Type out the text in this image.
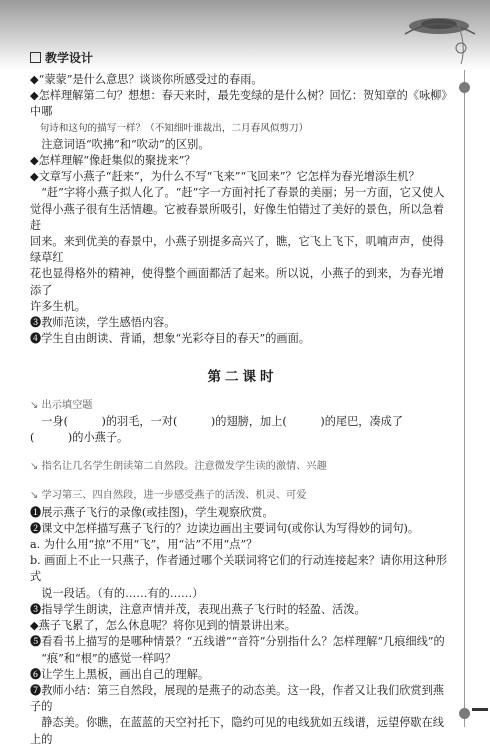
教学设计

◆“蒙蒙”是什么意思？谈谈你所感受过的春雨。

◆怎样理解第二句？想想：春天来时，最先变绿的是什么树？回忆：贺知章的《咏柳》中哪

句诗和这句的描写一样？（不知细叶谁裁出，二月春风似剪刀）

注意词语“吹拂”和“吹动”的区别。

◆怎样理解“像赶集似的聚拢来”？

◆文章写小燕子“赶来”，为什么不写“飞来”“飞回来”？它怎样为春光增添生机？

“赶”字将小燕子拟人化了。“赶”字一方面衬托了春景的美丽；另一方面，它又使人

觉得小燕子很有生活情趣。它被春景所吸引，好像生怕错过了美好的景色，所以急着赶

回来。来到优美的春景中，小燕子别提多高兴了，瞧，它飞上飞下，叽喃声声，使得绿草红

花也显得格外的精神，使得整个画面都活了起来。所以说，小燕子的到来，为春光增添了

许多生机。

❸教师范读，学生感悟内容。

❹学生自由朗读、背诵，想象“光彩夺目的春天”的画面。

第二课时
↘ 出示填空题

一身(　　　)的羽毛，一对(　　　)的翅膀，加上(　　　)的尾巴，凑成了

(　　　)的小燕子。

↘ 指名让几名学生朗读第二自然段。注意微发学生读的激情、兴趣
↘ 学习第三、四自然段，进一步感受燕子的活泼、机灵、可爱

❶展示燕子飞行的录像(或挂图)，学生观察欣赏。

❷课文中怎样描写燕子飞行的？边读边画出主要词句(或你认为写得妙的词句)。

a. 为什么用“掠”不用“飞”，用“沾”不用“点”？

b. 画面上不止一只燕子，作者通过哪个关联词将它们的行动连接起来？请你用这种形式

说一段话。（有的……有的……）

❸指导学生朗读，注意声情并茂，表现出燕子飞行时的轻盈、活泼。

◆燕子飞累了，怎么休息呢？将你见到的情景讲出来。

❺看看书上描写的是哪种情景？“五线谱”“音符”分别指什么？怎样理解“几痕细线”的

“痕”和“根”的感觉一样吗？

❻让学生上黑板，画出自己的理解。

❼教师小结：第三自然段，展现的是燕子的动态美。这一段，作者又让我们欣赏到燕子的

静态美。你瞧，在蓝蓝的天空衬托下，隐约可见的电线犹如五线谱，远望停歇在线上的
